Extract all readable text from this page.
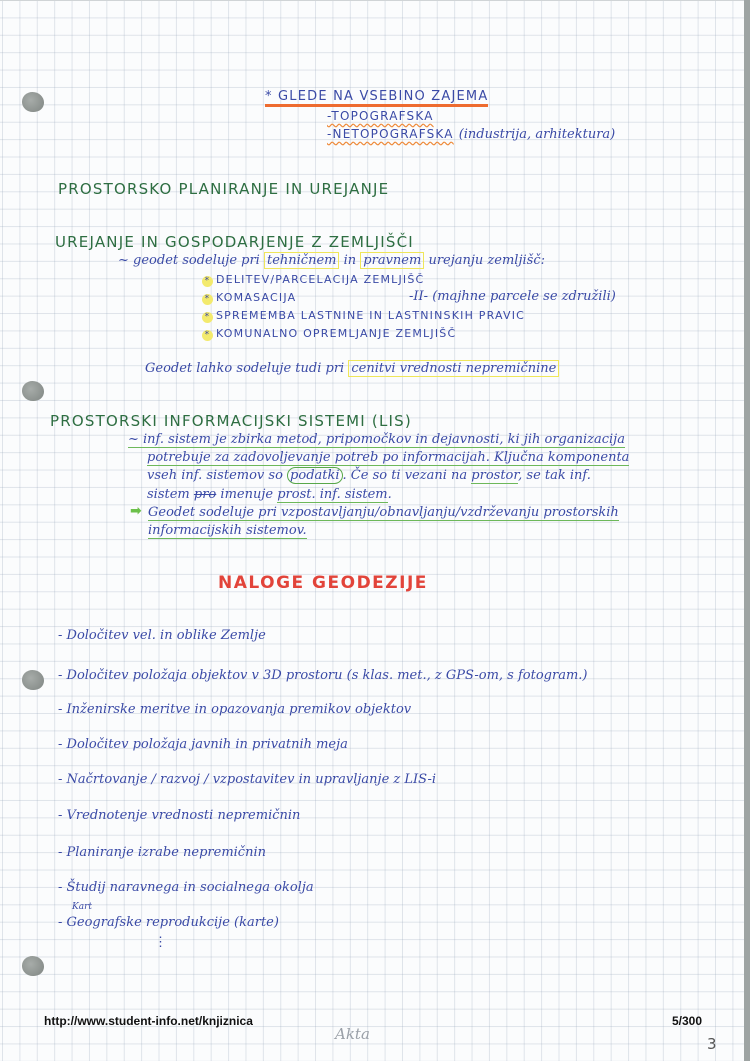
* GLEDE NA VSEBINO ZAJEMA
-TOPOGRAFSKA
-NETOPOGRAFSKA (industrija, arhitektura)
PROSTORSKO PLANIRANJE IN UREJANJE
UREJANJE IN GOSPODARJENJE Z ZEMLJIŠČI
~ geodet sodeluje pri tehničnem in pravnem urejanju zemljišč:
* DELITEV/PARCELACIJA ZEMLJIŠČ
* KOMASACIJA	-II- (majhne parcele se združili)
* SPREMEMBA LASTNINE IN LASTNINSKIH PRAVIC
* KOMUNALNO OPREMLJANJE ZEMLJIŠČ
Geodet lahko sodeluje tudi pri cenitvi vrednosti nepremičnine
PROSTORSKI INFORMACIJSKI SISTEMI (LIS)
~ inf. sistem je zbirka metod, pripomočkov in dejavnosti, ki jih organizacija
potrebuje za zadovoljevanje potreb po informacijah. Ključna komponenta
vseh inf. sistemov so podatki . Če so ti vezani na prostor, se tak inf.
sistem pro imenuje prost. inf. sistem.
➡ Geodet sodeluje pri vzpostavljanju/obnavljanju/vzdrževanju prostorskih
informacijskih sistemov.
NALOGE GEODEZIJE
- Določitev vel. in oblike Zemlje
- Določitev položaja objektov v 3D prostoru (s klas. met., z GPS-om, s fotogram.)
- Inženirske meritve in opazovanja premikov objektov
- Določitev položaja javnih in privatnih meja
- Načrtovanje / razvoj / vzpostavitev in upravljanje z LIS-i
- Vrednotenje vrednosti nepremičnin
- Planiranje izrabe nepremičnin
- Študij naravnega in socialnega okolja
Kart
- Geografske reprodukcije (karte)
⋮
http://www.student-info.net/knjiznica	5/300
Akta
3
